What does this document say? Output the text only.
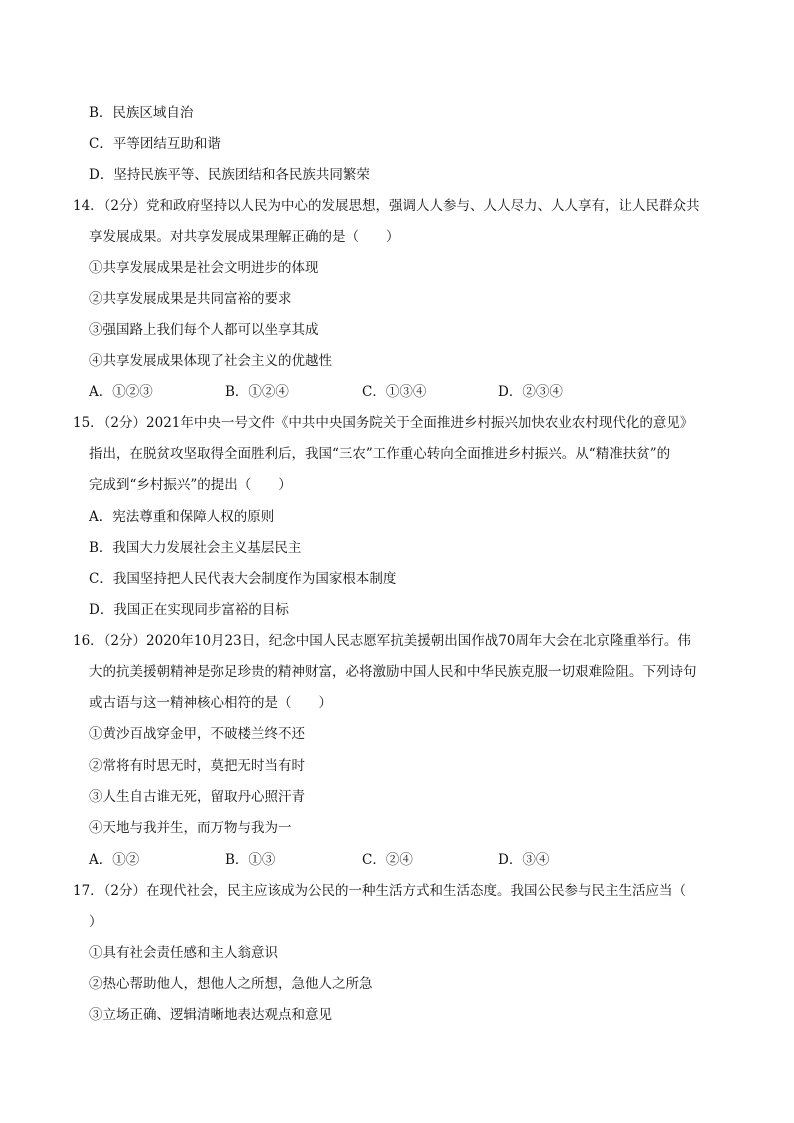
B．民族区域自治
C．平等团结互助和谐
D．坚持民族平等、民族团结和各民族共同繁荣
14．（2分）党和政府坚持以人民为中心的发展思想，强调人人参与、人人尽力、人人享有，让人民群众共
享发展成果。对共享发展成果理解正确的是（　　）
①共享发展成果是社会文明进步的体现
②共享发展成果是共同富裕的要求
③强国路上我们每个人都可以坐享其成
④共享发展成果体现了社会主义的优越性
A．①②③	B．①②④	C．①③④	D．②③④
15．（2分）2021年中央一号文件《中共中央国务院关于全面推进乡村振兴加快农业农村现代化的意见》
指出，在脱贫攻坚取得全面胜利后，我国“三农”工作重心转向全面推进乡村振兴。从“精准扶贫”的
完成到“乡村振兴”的提出（　　）
A．宪法尊重和保障人权的原则
B．我国大力发展社会主义基层民主
C．我国坚持把人民代表大会制度作为国家根本制度
D．我国正在实现同步富裕的目标
16．（2分）2020年10月23日，纪念中国人民志愿军抗美援朝出国作战70周年大会在北京隆重举行。伟
大的抗美援朝精神是弥足珍贵的精神财富，必将激励中国人民和中华民族克服一切艰难险阻。下列诗句
或古语与这一精神核心相符的是（　　）
①黄沙百战穿金甲，不破楼兰终不还
②常将有时思无时，莫把无时当有时
③人生自古谁无死，留取丹心照汗青
④天地与我并生，而万物与我为一
A．①②	B．①③	C．②④	D．③④
17．（2分）在现代社会，民主应该成为公民的一种生活方式和生活态度。我国公民参与民主生活应当（
）
①具有社会责任感和主人翁意识
②热心帮助他人，想他人之所想，急他人之所急
③立场正确、逻辑清晰地表达观点和意见
